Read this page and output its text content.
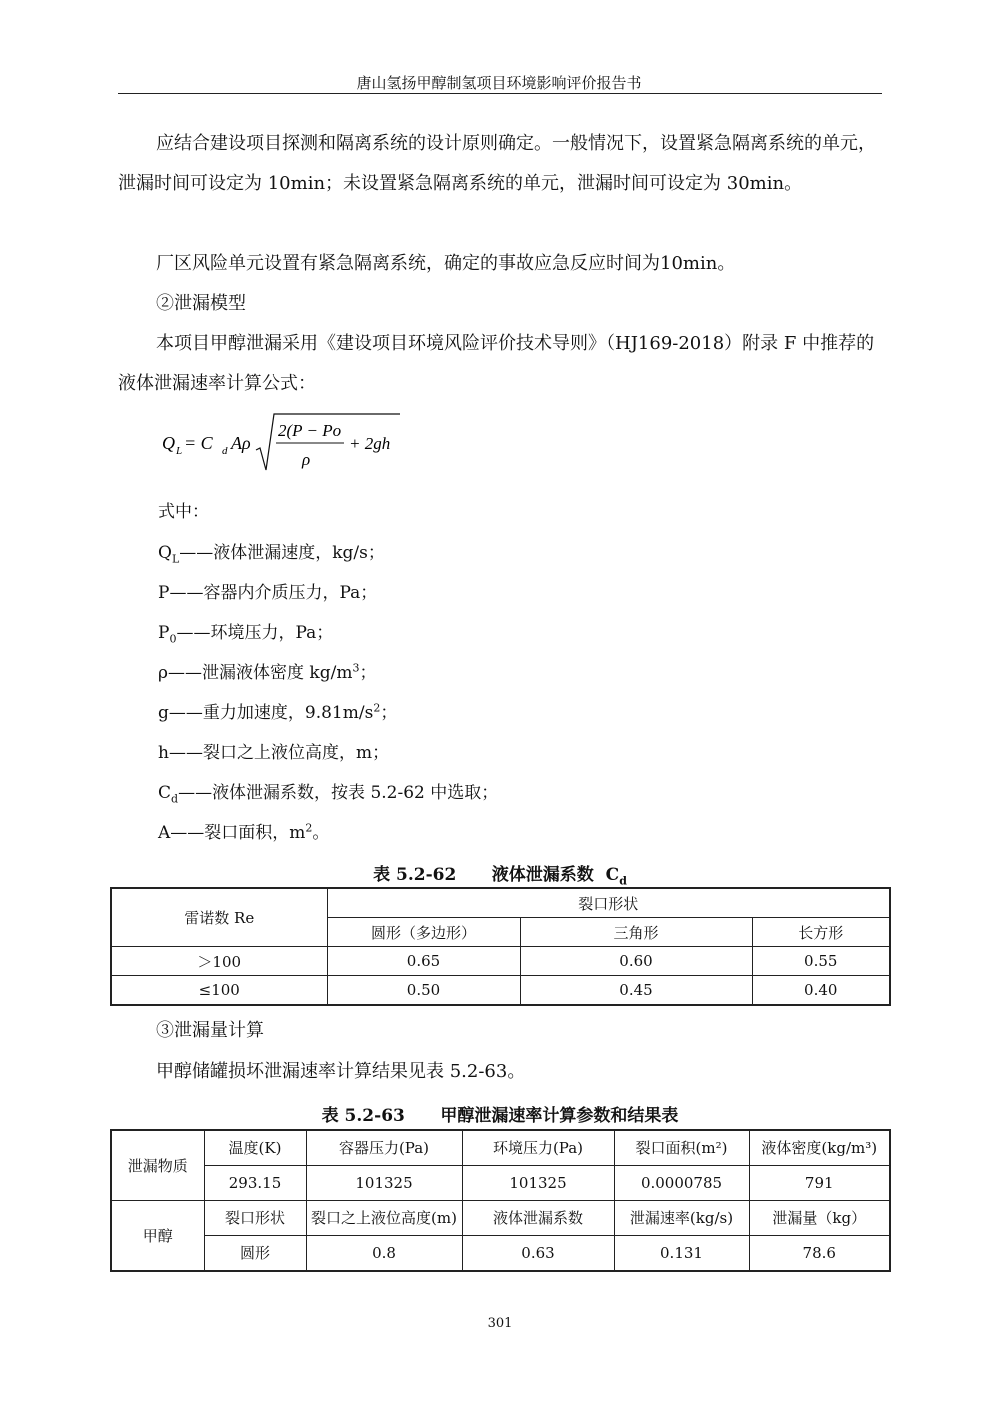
唐山氢扬甲醇制氢项目环境影响评价报告书

应结合建设项目探测和隔离系统的设计原则确定。一般情况下，设置紧急隔离系统的单元，泄漏时间可设定为 10min；未设置紧急隔离系统的单元，泄漏时间可设定为 30min。

厂区风险单元设置有紧急隔离系统，确定的事故应急反应时间为10min。

②泄漏模型

本项目甲醇泄漏采用《建设项目环境风险评价技术导则》（HJ169-2018）附录 F 中推荐的液体泄漏速率计算公式：

Q L = C d Aρ
2(P − Po
ρ
+ 2gh
式中：
$Q_L——$液体泄漏速度，kg/s；
P——容器内介质压力，Pa；
$P_0——$环境压力，Pa；
ρ——泄漏液体密度 $kg/m^3$；
g——重力加速度，$9.81m/s^2$；
h——裂口之上液位高度，m；
$C_d——$液体泄漏系数，按表 5.2-62 中选取；
A——裂口面积，$m^2$。
表 5.2-62      液体泄漏系数  $C_d$
雷诺数 Re	裂口形状		
	圆形（多边形）	三角形	长方形
＞100	0.65	0.60	0.55
≤100	0.50	0.45	0.40

③泄漏量计算

甲醇储罐损坏泄漏速率计算结果见表 5.2-63。

表 5.2-63      甲醇泄漏速率计算参数和结果表
泄漏物质	温度(K)	容器压力(Pa)	环境压力(Pa)	裂口面积(m²)	液体密度(kg/m³)
	293.15	101325	101325	0.0000785	791
甲醇	裂口形状	裂口之上液位高度(m)	液体泄漏系数	泄漏速率(kg/s)	泄漏量（kg）
	圆形	0.8	0.63	0.131	78.6
301
